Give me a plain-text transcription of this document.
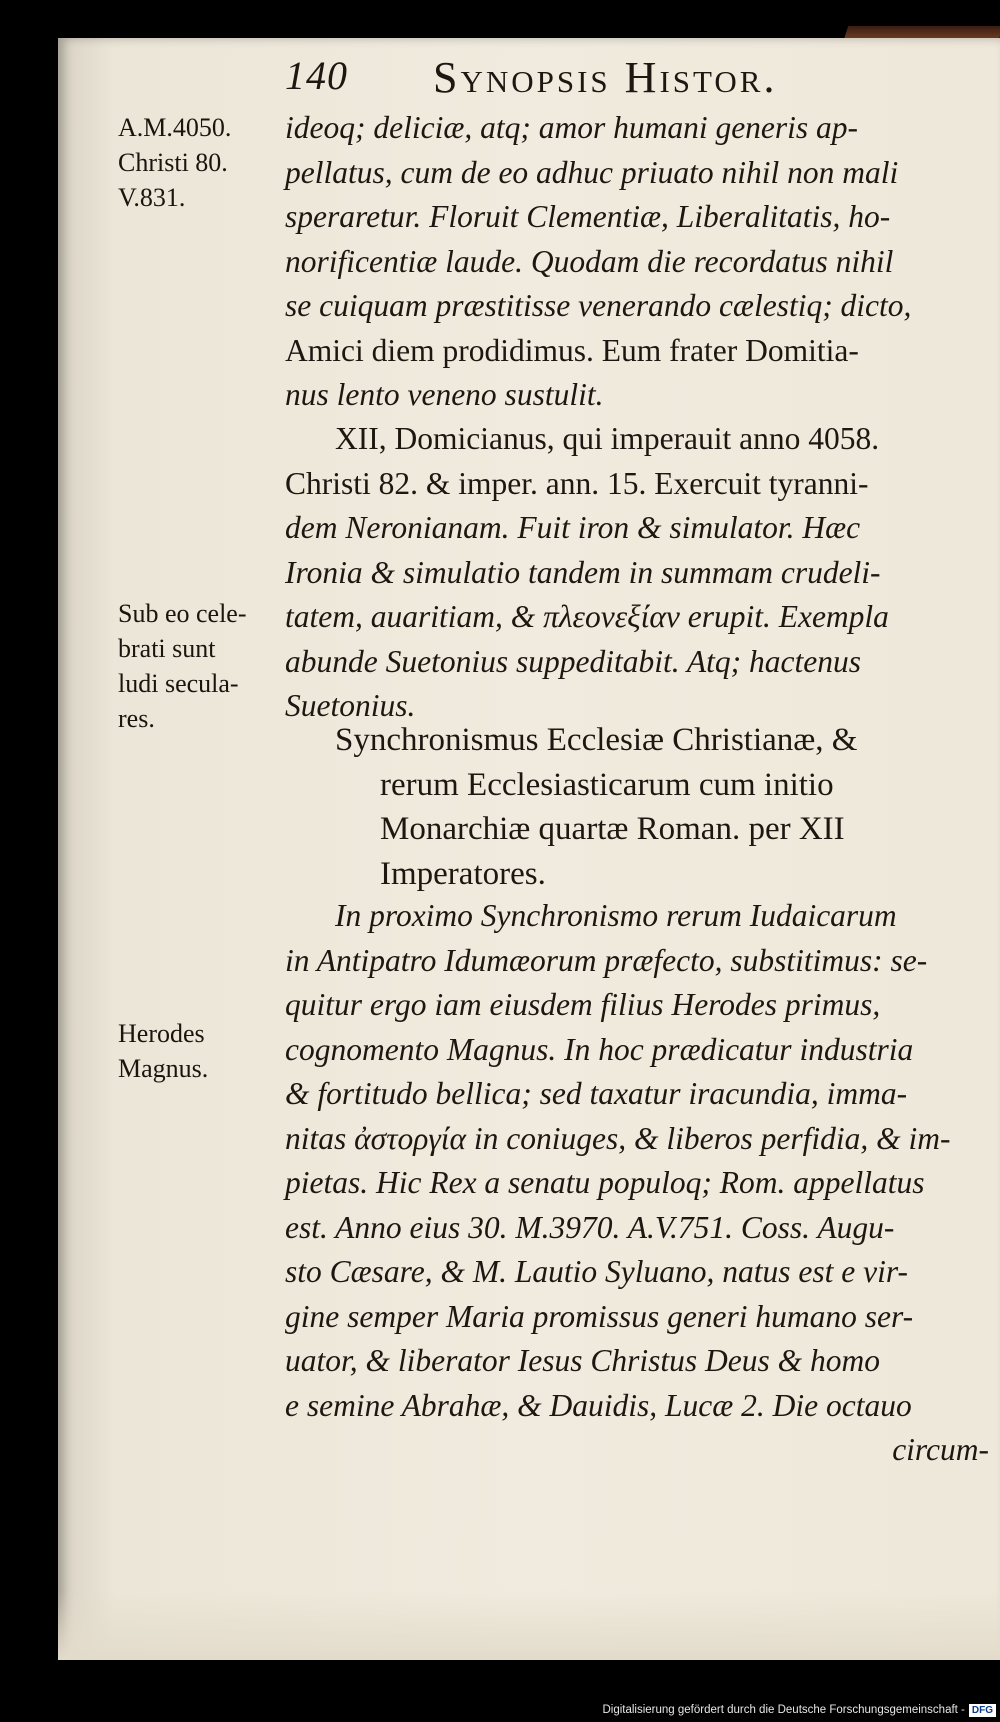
140 Synopsis Histor.
A.M.4050.
Christi 80.
V.831.
Sub eo cele-
brati sunt
ludi secula-
res.
Herodes
Magnus.
ideoq; deliciæ, atq; amor humani generis ap-
pellatus, cum de eo adhuc priuato nihil non mali
speraretur. Floruit Clementiæ, Liberalitatis, ho-
norificentiæ laude. Quodam die recordatus nihil
se cuiquam præstitisse venerando cælestiq; dicto,
Amici diem prodidimus. Eum frater Domitia-
nus lento veneno sustulit.
XII, Domicianus, qui imperauit anno 4058.
Christi 82. & imper. ann. 15. Exercuit tyranni-
dem Neronianam. Fuit iron & simulator. Hæc
Ironia & simulatio tandem in summam crudeli-
tatem, auaritiam, & πλεονεξίαν erupit. Exempla
abunde Suetonius suppeditabit. Atq; hactenus
Suetonius.
Synchronismus Ecclesiæ Christianæ, &
rerum Ecclesiasticarum cum initio
Monarchiæ quartæ Roman. per XII
Imperatores.
In proximo Synchronismo rerum Iudaicarum
in Antipatro Idumæorum præfecto, substitimus: se-
quitur ergo iam eiusdem filius Herodes primus,
cognomento Magnus. In hoc prædicatur industria
& fortitudo bellica; sed taxatur iracundia, imma-
nitas ἀστοργία in coniuges, & liberos perfidia, & im-
pietas. Hic Rex a senatu populoq; Rom. appellatus
est. Anno eius 30. M.3970. A.V.751. Coss. Augu-
sto Cæsare, & M. Lautio Syluano, natus est e vir-
gine semper Maria promissus generi humano ser-
uator, & liberator Iesus Christus Deus & homo
e semine Abrahæ, & Dauidis, Lucæ 2. Die octauo
circum-
Digitalisierung gefördert durch die Deutsche Forschungsgemeinschaft - DFG
